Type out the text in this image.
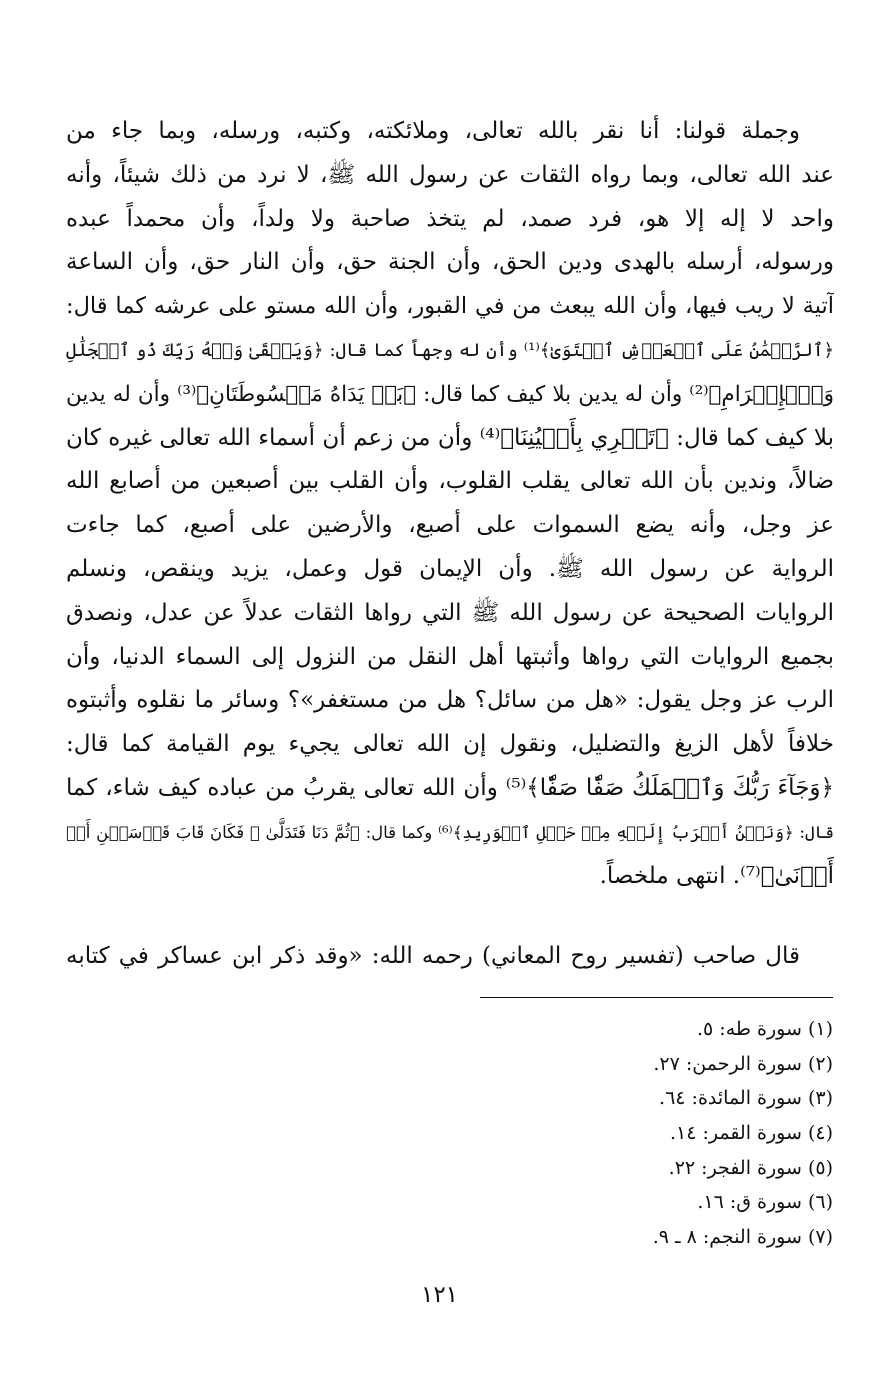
وجملة قولنا: أنا نقر بالله تعالى، وملائكته، وكتبه، ورسله، وبما جاء من
عند الله تعالى، وبما رواه الثقات عن رسول الله ﷺ، لا نرد من ذلك شيئاً، وأنه
واحد لا إله إلا هو، فرد صمد، لم يتخذ صاحبة ولا ولداً، وأن محمداً عبده
ورسوله، أرسله بالهدى ودين الحق، وأن الجنة حق، وأن النار حق، وأن الساعة
آتية لا ريب فيها، وأن الله يبعث من في القبور، وأن الله مستو على عرشه كما قال:
﴿ٱلرَّحۡمَٰنُ عَلَى ٱلۡعَرۡشِ ٱسۡتَوَىٰ﴾⁽¹⁾ وأن له وجهاً كما قال: ﴿وَيَبۡقَىٰ وَجۡهُ رَبِّكَ ذُو ٱلۡجَلَٰلِ
وَٱلۡإِكۡرَامِ﴾⁽²⁾ وأن له يدين بلا كيف كما قال: ﴿بَلۡ يَدَاهُ مَبۡسُوطَتَانِ﴾⁽³⁾ وأن له يدين
بلا كيف كما قال: ﴿تَجۡرِي بِأَعۡيُنِنَا﴾⁽⁴⁾ وأن من زعم أن أسماء الله تعالى غيره كان
ضالاً، وندين بأن الله تعالى يقلب القلوب، وأن القلب بين أصبعين من أصابع الله
عز وجل، وأنه يضع السموات على أصبع، والأرضين على أصبع، كما جاءت
الرواية عن رسول الله ﷺ. وأن الإيمان قول وعمل، يزيد وينقص، ونسلم
الروايات الصحيحة عن رسول الله ﷺ التي رواها الثقات عدلاً عن عدل، ونصدق
بجميع الروايات التي رواها وأثبتها أهل النقل من النزول إلى السماء الدنيا، وأن
الرب عز وجل يقول: «هل من سائل؟ هل من مستغفر»؟ وسائر ما نقلوه وأثبتوه
خلافاً لأهل الزيغ والتضليل، ونقول إن الله تعالى يجيء يوم القيامة كما قال:
﴿وَجَآءَ رَبُّكَ وَٱلۡمَلَكُ صَفّٗا صَفّٗا﴾⁽⁵⁾ وأن الله تعالى يقربُ من عباده كيف شاء، كما
قال: ﴿وَنَحۡنُ أَقۡرَبُ إِلَيۡهِ مِنۡ حَبۡلِ ٱلۡوَرِيدِ﴾⁽⁶⁾ وكما قال: ﴿ثُمَّ دَنَا فَتَدَلَّىٰ ۞ فَكَانَ قَابَ قَوۡسَيۡنِ أَوۡ
أَدۡنَىٰ﴾⁽⁷⁾. انتهى ملخصاً.
قال صاحب (تفسير روح المعاني) رحمه الله: «وقد ذكر ابن عساكر في كتابه
(١) سورة طه: ٥.
(٢) سورة الرحمن: ٢٧.
(٣) سورة المائدة: ٦٤.
(٤) سورة القمر: ١٤.
(٥) سورة الفجر: ٢٢.
(٦) سورة ق: ١٦.
(٧) سورة النجم: ٨ ـ ٩.
١٢١
